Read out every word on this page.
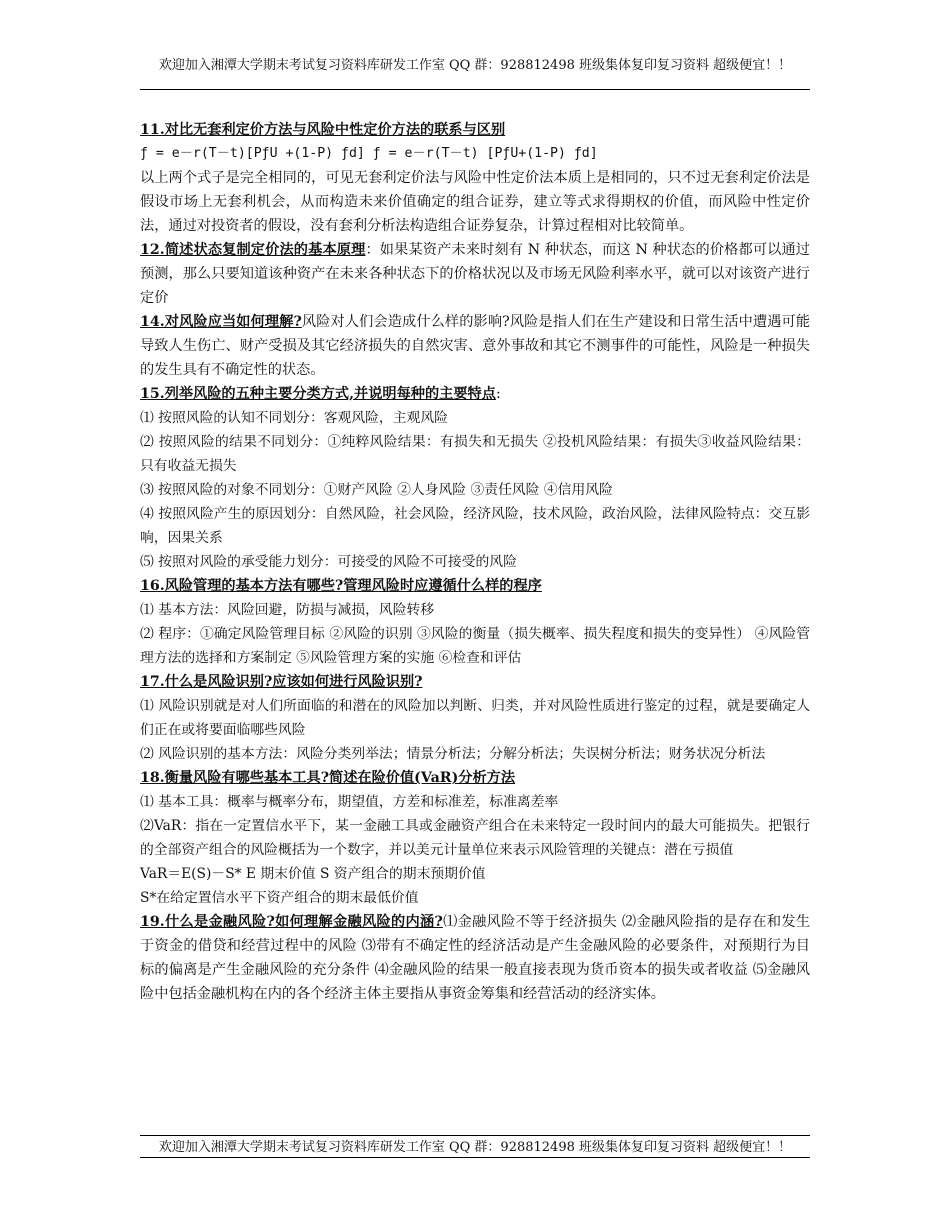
欢迎加入湘潭大学期末考试复习资料库研发工作室 QQ 群：928812498 班级集体复印复习资料 超级便宜！！

11.对比无套利定价方法与风险中性定价方法的联系与区别

ƒ = e－r(T－t)[PƒU +(1-P) ƒd] ƒ = e－r(T－t) [PƒU+(1-P) ƒd]

以上两个式子是完全相同的，可见无套利定价法与风险中性定价法本质上是相同的，只不过无套利定价法是假设市场上无套利机会，从而构造未来价值确定的组合证券，建立等式求得期权的价值，而风险中性定价法，通过对投资者的假设，没有套利分析法构造组合证券复杂，计算过程相对比较简单。

12.简述状态复制定价法的基本原理：如果某资产未来时刻有 N 种状态，而这 N 种状态的价格都可以通过预测，那么只要知道该种资产在未来各种状态下的价格状况以及市场无风险利率水平，就可以对该资产进行定价

14.对风险应当如何理解?风险对人们会造成什么样的影响?风险是指人们在生产建设和日常生活中遭遇可能导致人生伤亡、财产受损及其它经济损失的自然灾害、意外事故和其它不测事件的可能性，风险是一种损失的发生具有不确定性的状态。

15.列举风险的五种主要分类方式,并说明每种的主要特点:

⑴ 按照风险的认知不同划分：客观风险，主观风险

⑵ 按照风险的结果不同划分：①纯粹风险结果：有损失和无损失 ②投机风险结果：有损失③收益风险结果：只有收益无损失

⑶ 按照风险的对象不同划分：①财产风险 ②人身风险 ③责任风险 ④信用风险

⑷ 按照风险产生的原因划分：自然风险，社会风险，经济风险，技术风险，政治风险，法律风险特点：交互影响，因果关系

⑸ 按照对风险的承受能力划分：可接受的风险不可接受的风险

16.风险管理的基本方法有哪些?管理风险时应遵循什么样的程序

⑴ 基本方法：风险回避，防损与减损，风险转移

⑵ 程序：①确定风险管理目标 ②风险的识别 ③风险的衡量（损失概率、损失程度和损失的变异性） ④风险管理方法的选择和方案制定 ⑤风险管理方案的实施 ⑥检查和评估

17.什么是风险识别?应该如何进行风险识别?

⑴ 风险识别就是对人们所面临的和潜在的风险加以判断、归类，并对风险性质进行鉴定的过程，就是要确定人们正在或将要面临哪些风险

⑵ 风险识别的基本方法：风险分类列举法；情景分析法；分解分析法；失误树分析法；财务状况分析法

18.衡量风险有哪些基本工具?简述在险价值(VaR)分析方法

⑴ 基本工具：概率与概率分布，期望值，方差和标准差，标准离差率

⑵VaR：指在一定置信水平下，某一金融工具或金融资产组合在未来特定一段时间内的最大可能损失。把银行的全部资产组合的风险概括为一个数字，并以美元计量单位来表示风险管理的关键点：潜在亏损值

VaR＝E(S)－S* E 期末价值 S 资产组合的期末预期价值

S*在给定置信水平下资产组合的期末最低价值

19.什么是金融风险?如何理解金融风险的内涵?⑴金融风险不等于经济损失 ⑵金融风险指的是存在和发生于资金的借贷和经营过程中的风险 ⑶带有不确定性的经济活动是产生金融风险的必要条件，对预期行为目标的偏离是产生金融风险的充分条件 ⑷金融风险的结果一般直接表现为货币资本的损失或者收益 ⑸金融风险中包括金融机构在内的各个经济主体主要指从事资金筹集和经营活动的经济实体。

欢迎加入湘潭大学期末考试复习资料库研发工作室 QQ 群：928812498 班级集体复印复习资料 超级便宜！！
